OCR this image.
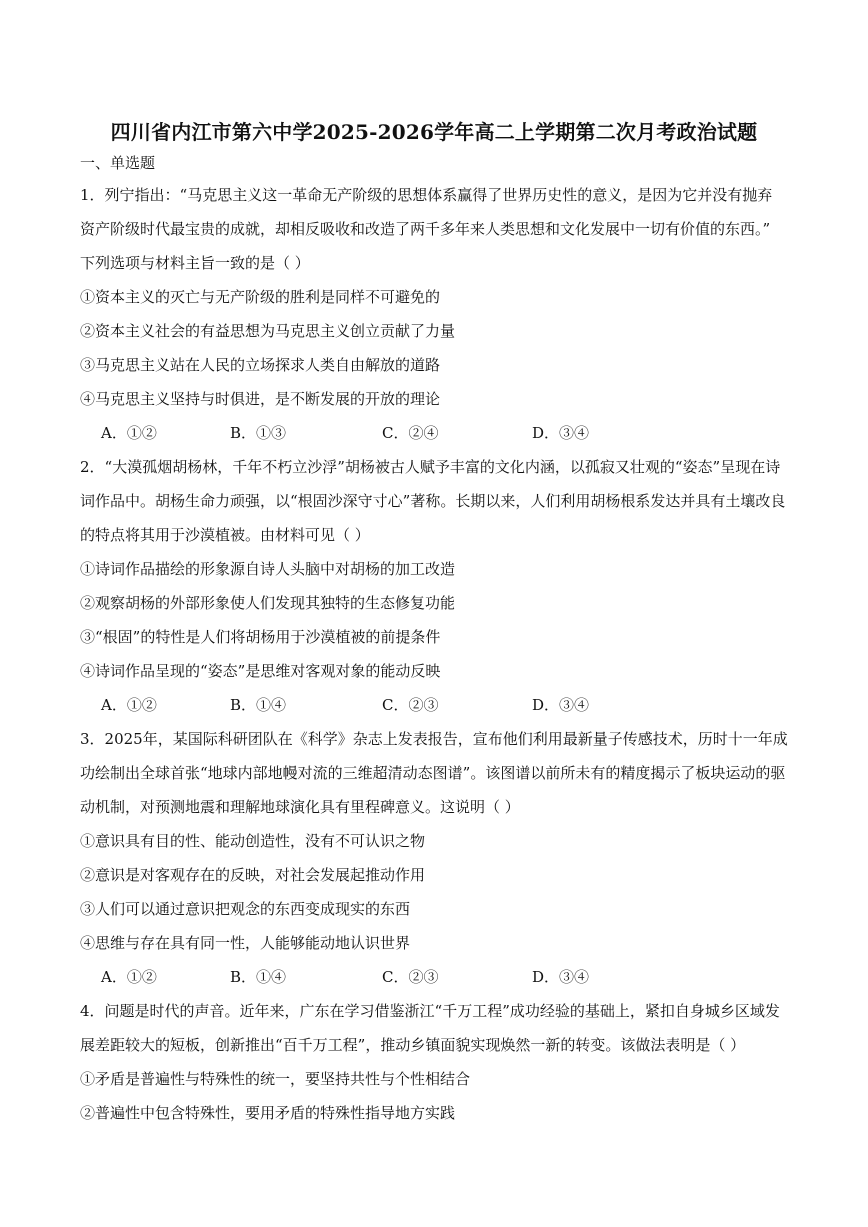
四川省内江市第六中学2025-2026学年高二上学期第二次月考政治试题
一、单选题
1．列宁指出：“马克思主义这一革命无产阶级的思想体系赢得了世界历史性的意义，是因为它并没有抛弃
资产阶级时代最宝贵的成就，却相反吸收和改造了两千多年来人类思想和文化发展中一切有价值的东西。”
下列选项与材料主旨一致的是（ ）
①资本主义的灭亡与无产阶级的胜利是同样不可避免的
②资本主义社会的有益思想为马克思主义创立贡献了力量
③马克思主义站在人民的立场探求人类自由解放的道路
④马克思主义坚持与时俱进，是不断发展的开放的理论
A．①②	B．①③	C．②④	D．③④
2．“大漠孤烟胡杨林，千年不朽立沙浮”胡杨被古人赋予丰富的文化内涵，以孤寂又壮观的“姿态”呈现在诗
词作品中。胡杨生命力顽强，以“根固沙深守寸心”著称。长期以来，人们利用胡杨根系发达并具有土壤改良
的特点将其用于沙漠植被。由材料可见（ ）
①诗词作品描绘的形象源自诗人头脑中对胡杨的加工改造
②观察胡杨的外部形象使人们发现其独特的生态修复功能
③“根固”的特性是人们将胡杨用于沙漠植被的前提条件
④诗词作品呈现的“姿态”是思维对客观对象的能动反映
A．①②	B．①④	C．②③	D．③④
3．2025年，某国际科研团队在《科学》杂志上发表报告，宣布他们利用最新量子传感技术，历时十一年成
功绘制出全球首张“地球内部地幔对流的三维超清动态图谱”。该图谱以前所未有的精度揭示了板块运动的驱
动机制，对预测地震和理解地球演化具有里程碑意义。这说明（ ）
①意识具有目的性、能动创造性，没有不可认识之物
②意识是对客观存在的反映，对社会发展起推动作用
③人们可以通过意识把观念的东西变成现实的东西
④思维与存在具有同一性，人能够能动地认识世界
A．①②	B．①④	C．②③	D．③④
4．问题是时代的声音。近年来，广东在学习借鉴浙江“千万工程”成功经验的基础上，紧扣自身城乡区域发
展差距较大的短板，创新推出“百千万工程”，推动乡镇面貌实现焕然一新的转变。该做法表明是（ ）
①矛盾是普遍性与特殊性的统一，要坚持共性与个性相结合
②普遍性中包含特殊性，要用矛盾的特殊性指导地方实践
